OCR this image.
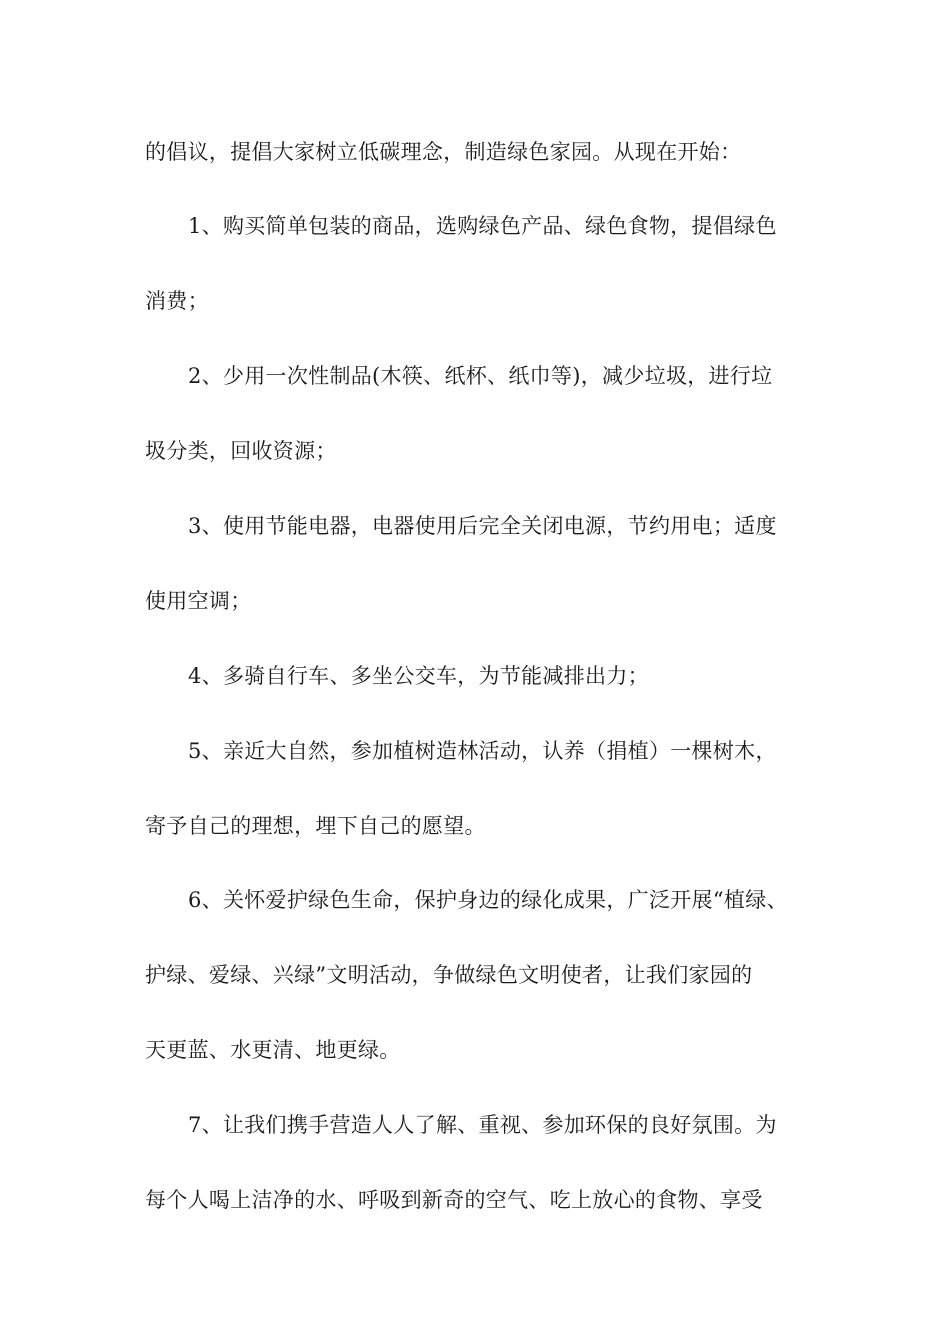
的倡议，提倡大家树立低碳理念，制造绿色家园。从现在开始：

1、购买简单包装的商品，选购绿色产品、绿色食物，提倡绿色

消费；

2、少用一次性制品(木筷、纸杯、纸巾等)，减少垃圾，进行垃

圾分类，回收资源；

3、使用节能电器，电器使用后完全关闭电源，节约用电；适度

使用空调；

4、多骑自行车、多坐公交车，为节能减排出力；

5、亲近大自然，参加植树造林活动，认养（捐植）一棵树木，

寄予自己的理想，埋下自己的愿望。

6、关怀爱护绿色生命，保护身边的绿化成果，广泛开展“植绿、

护绿、爱绿、兴绿”文明活动，争做绿色文明使者，让我们家园的

天更蓝、水更清、地更绿。

7、让我们携手营造人人了解、重视、参加环保的良好氛围。为

每个人喝上洁净的水、呼吸到新奇的空气、吃上放心的食物、享受
